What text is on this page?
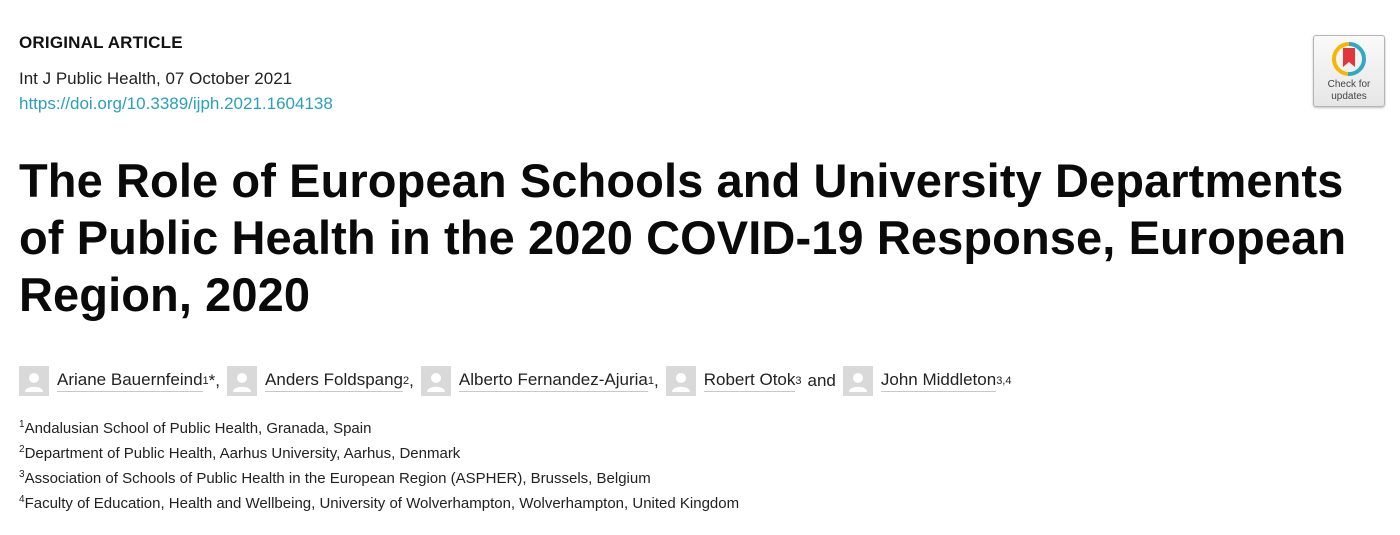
ORIGINAL ARTICLE
Int J Public Health, 07 October 2021
https://doi.org/10.3389/ijph.2021.1604138
Check for
updates
The Role of European Schools and University Departments of Public Health in the 2020 COVID-19 Response, European Region, 2020
Ariane Bauernfeind 1 * ,	Anders Foldspang 2 ,	Alberto Fernandez-Ajuria 1 ,	Robert Otok 3 and	John Middleton 3,4
$^1$Andalusian School of Public Health, Granada, Spain
$^2$Department of Public Health, Aarhus University, Aarhus, Denmark
$^3$Association of Schools of Public Health in the European Region (ASPHER), Brussels, Belgium
$^4$Faculty of Education, Health and Wellbeing, University of Wolverhampton, Wolverhampton, United Kingdom
